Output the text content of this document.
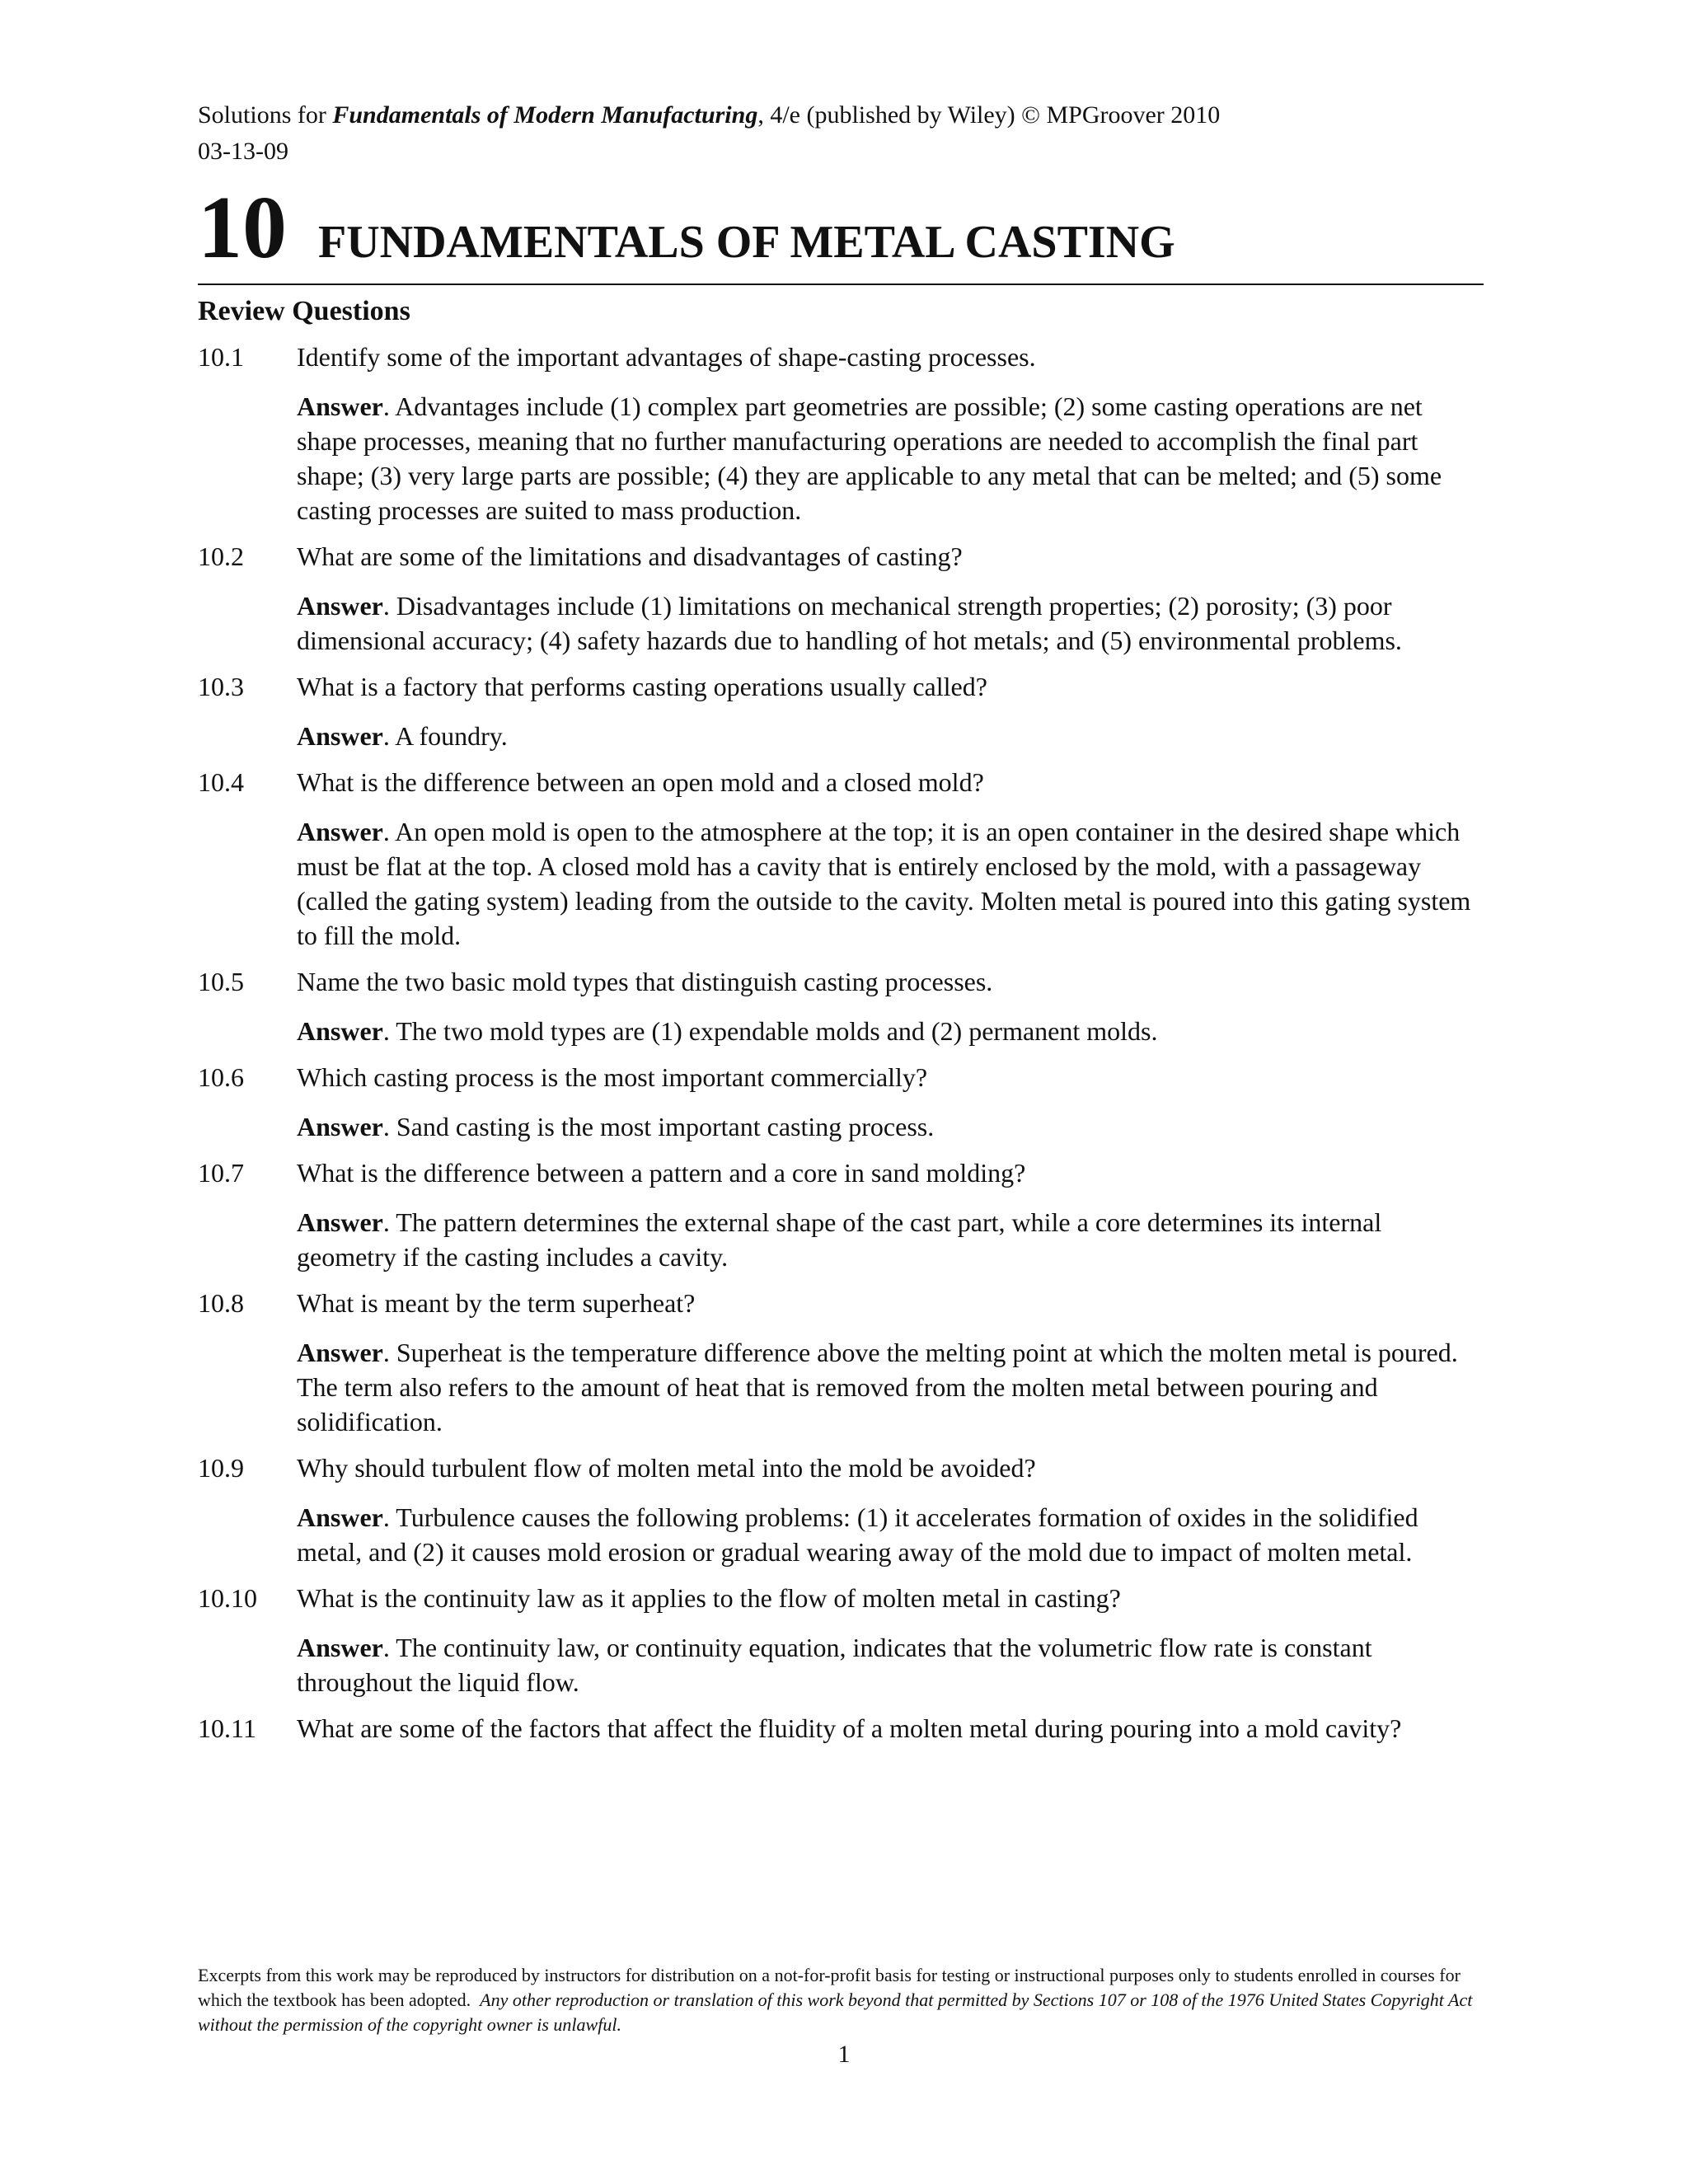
Solutions for Fundamentals of Modern Manufacturing, 4/e (published by Wiley) © MPGroover 2010
03-13-09
10 FUNDAMENTALS OF METAL CASTING
Review Questions
10.1	Identify some of the important advantages of shape-casting processes.
Answer. Advantages include (1) complex part geometries are possible; (2) some casting operations are net shape processes, meaning that no further manufacturing operations are needed to accomplish the final part shape; (3) very large parts are possible; (4) they are applicable to any metal that can be melted; and (5) some casting processes are suited to mass production.
10.2	What are some of the limitations and disadvantages of casting?
Answer. Disadvantages include (1) limitations on mechanical strength properties; (2) porosity; (3) poor dimensional accuracy; (4) safety hazards due to handling of hot metals; and (5) environmental problems.
10.3	What is a factory that performs casting operations usually called?
Answer. A foundry.
10.4	What is the difference between an open mold and a closed mold?
Answer. An open mold is open to the atmosphere at the top; it is an open container in the desired shape which must be flat at the top. A closed mold has a cavity that is entirely enclosed by the mold, with a passageway (called the gating system) leading from the outside to the cavity. Molten metal is poured into this gating system to fill the mold.
10.5	Name the two basic mold types that distinguish casting processes.
Answer. The two mold types are (1) expendable molds and (2) permanent molds.
10.6	Which casting process is the most important commercially?
Answer. Sand casting is the most important casting process.
10.7	What is the difference between a pattern and a core in sand molding?
Answer. The pattern determines the external shape of the cast part, while a core determines its internal geometry if the casting includes a cavity.
10.8	What is meant by the term superheat?
Answer. Superheat is the temperature difference above the melting point at which the molten metal is poured. The term also refers to the amount of heat that is removed from the molten metal between pouring and solidification.
10.9	Why should turbulent flow of molten metal into the mold be avoided?
Answer. Turbulence causes the following problems: (1) it accelerates formation of oxides in the solidified metal, and (2) it causes mold erosion or gradual wearing away of the mold due to impact of molten metal.
10.10	What is the continuity law as it applies to the flow of molten metal in casting?
Answer. The continuity law, or continuity equation, indicates that the volumetric flow rate is constant throughout the liquid flow.
10.11	What are some of the factors that affect the fluidity of a molten metal during pouring into a mold cavity?
Excerpts from this work may be reproduced by instructors for distribution on a not-for-profit basis for testing or instructional purposes only to students enrolled in courses for which the textbook has been adopted. Any other reproduction or translation of this work beyond that permitted by Sections 107 or 108 of the 1976 United States Copyright Act without the permission of the copyright owner is unlawful.
1
